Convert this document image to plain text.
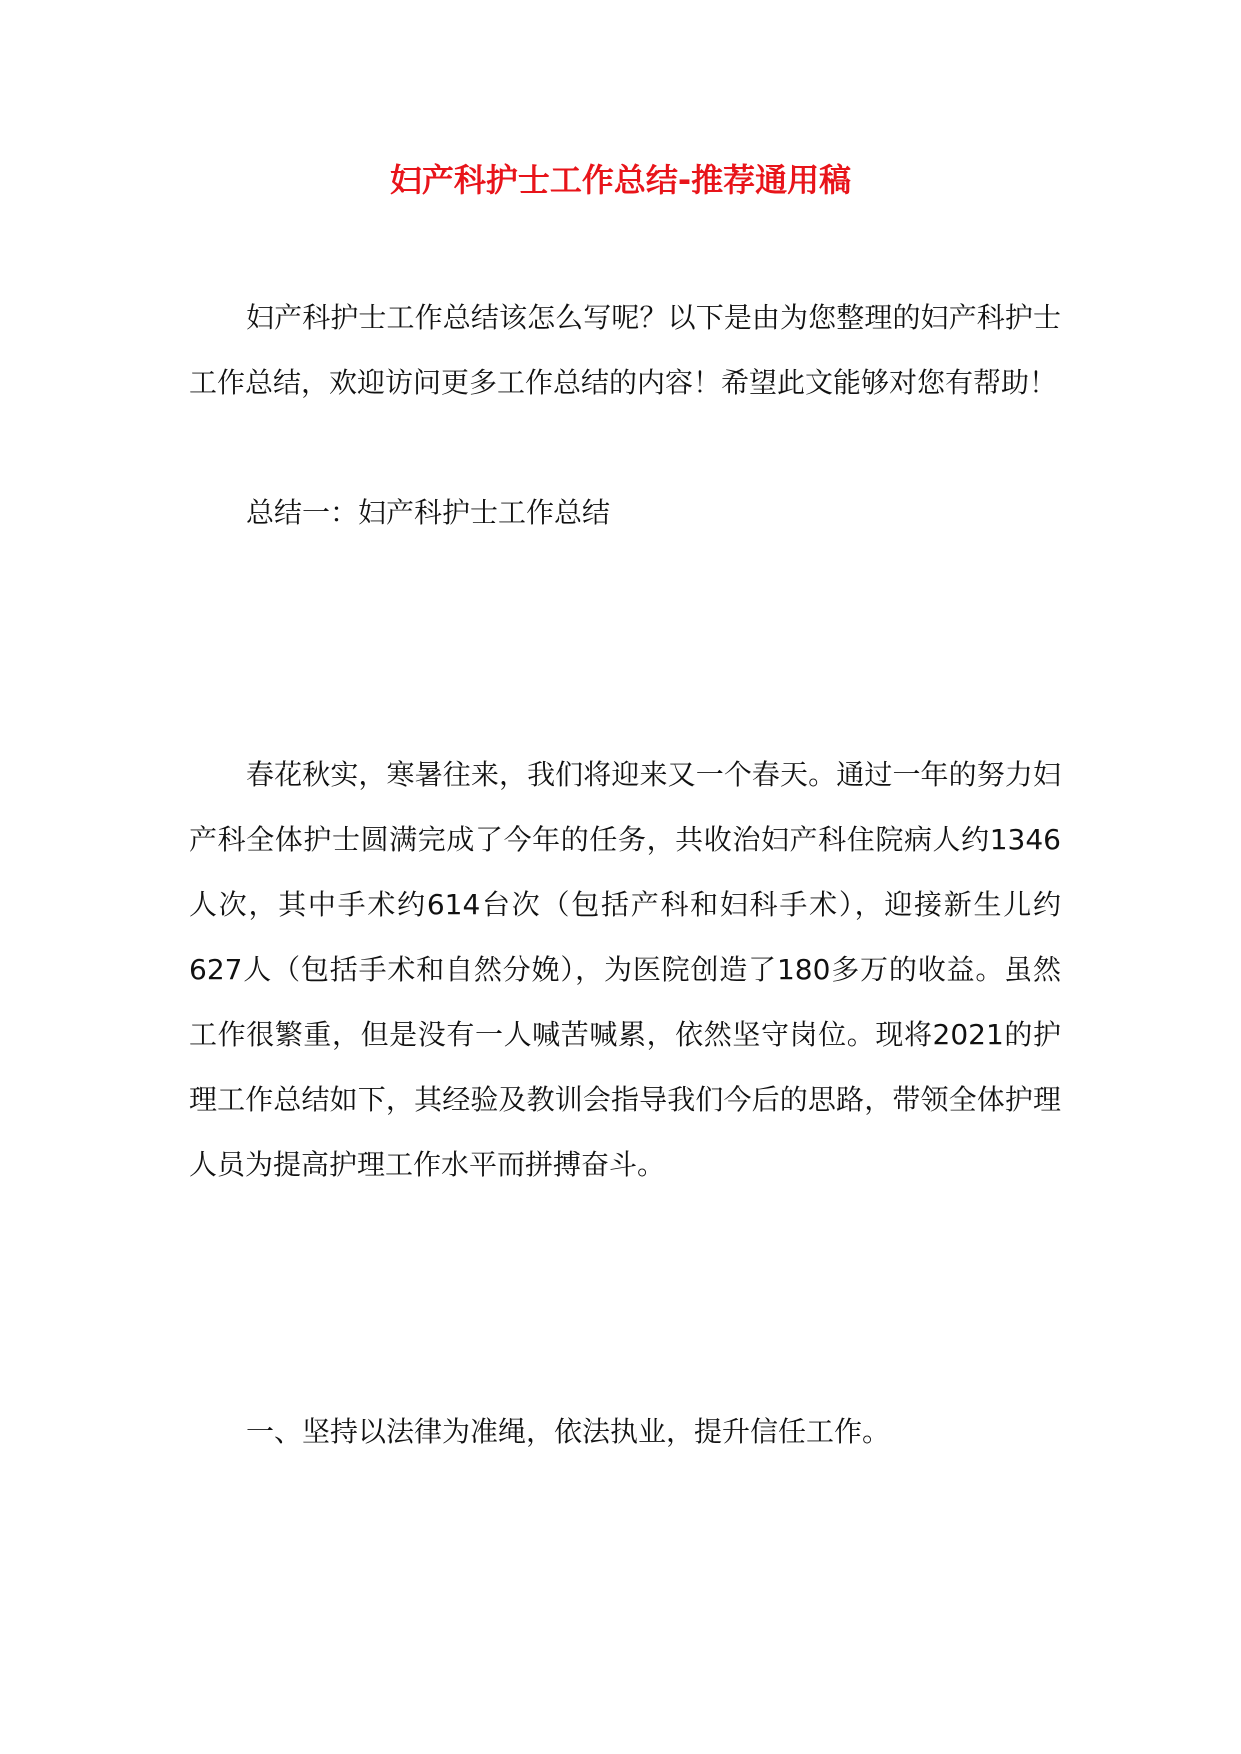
妇产科护士工作总结-推荐通用稿

妇产科护士工作总结该怎么写呢？以下是由为您整理的妇产科护士工作总结，欢迎访问更多工作总结的内容！希望此文能够对您有帮助！

总结一：妇产科护士工作总结

春花秋实，寒暑往来，我们将迎来又一个春天。通过一年的努力妇产科全体护士圆满完成了今年的任务，共收治妇产科住院病人约1346人次，其中手术约614台次（包括产科和妇科手术），迎接新生儿约627人（包括手术和自然分娩），为医院创造了180多万的收益。虽然工作很繁重，但是没有一人喊苦喊累，依然坚守岗位。现将2021的护理工作总结如下，其经验及教训会指导我们今后的思路，带领全体护理人员为提高护理工作水平而拼搏奋斗。

一、坚持以法律为准绳，依法执业，提升信任工作。
